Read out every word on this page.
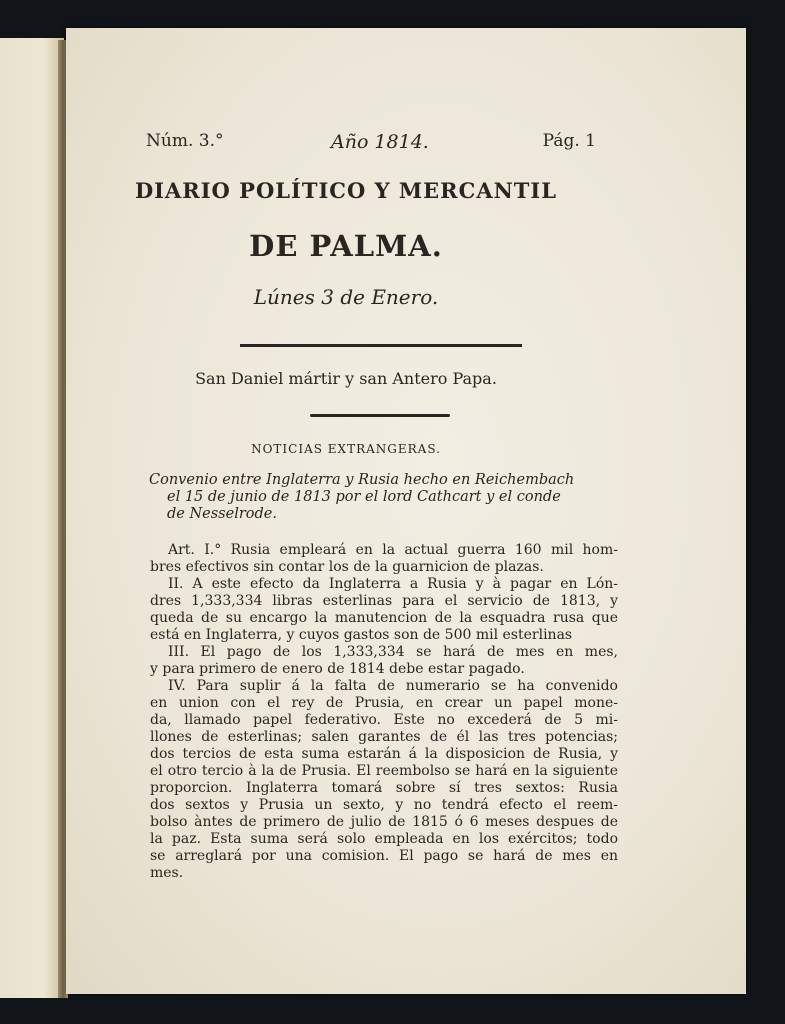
Núm. 3.°	Año 1814.	Pág. 1
DIARIO POLÍTICO Y MERCANTIL
DE PALMA.
Lúnes 3 de Enero.
San Daniel mártir y san Antero Papa.
NOTICIAS EXTRANGERAS.
Convenio entre Inglaterra y Rusia hecho en Reichembach
el 15 de junio de 1813 por el lord Cathcart y el conde
de Nesselrode.
Art. I.° Rusia empleará en la actual guerra 160 mil hom-
bres efectivos sin contar los de la guarnicion de plazas.
II. A este efecto da Inglaterra a Rusia y à pagar en Lón-
dres 1,333,334 libras esterlinas para el servicio de 1813, y
queda de su encargo la manutencion de la esquadra rusa que
está en Inglaterra, y cuyos gastos son de 500 mil esterlinas
III. El pago de los 1,333,334 se hará de mes en mes,
y para primero de enero de 1814 debe estar pagado.
IV. Para suplir á la falta de numerario se ha convenido
en union con el rey de Prusia, en crear un papel mone-
da, llamado papel federativo. Este no excederá de 5 mi-
llones de esterlinas; salen garantes de él las tres potencias;
dos tercios de esta suma estarán á la disposicion de Rusia, y
el otro tercio à la de Prusia. El reembolso se hará en la siguiente
proporcion. Inglaterra tomará sobre sí tres sextos: Rusia
dos sextos y Prusia un sexto, y no tendrá efecto el reem-
bolso àntes de primero de julio de 1815 ó 6 meses despues de
la paz. Esta suma será solo empleada en los exércitos; todo
se arreglará por una comision. El pago se hará de mes en
mes.
